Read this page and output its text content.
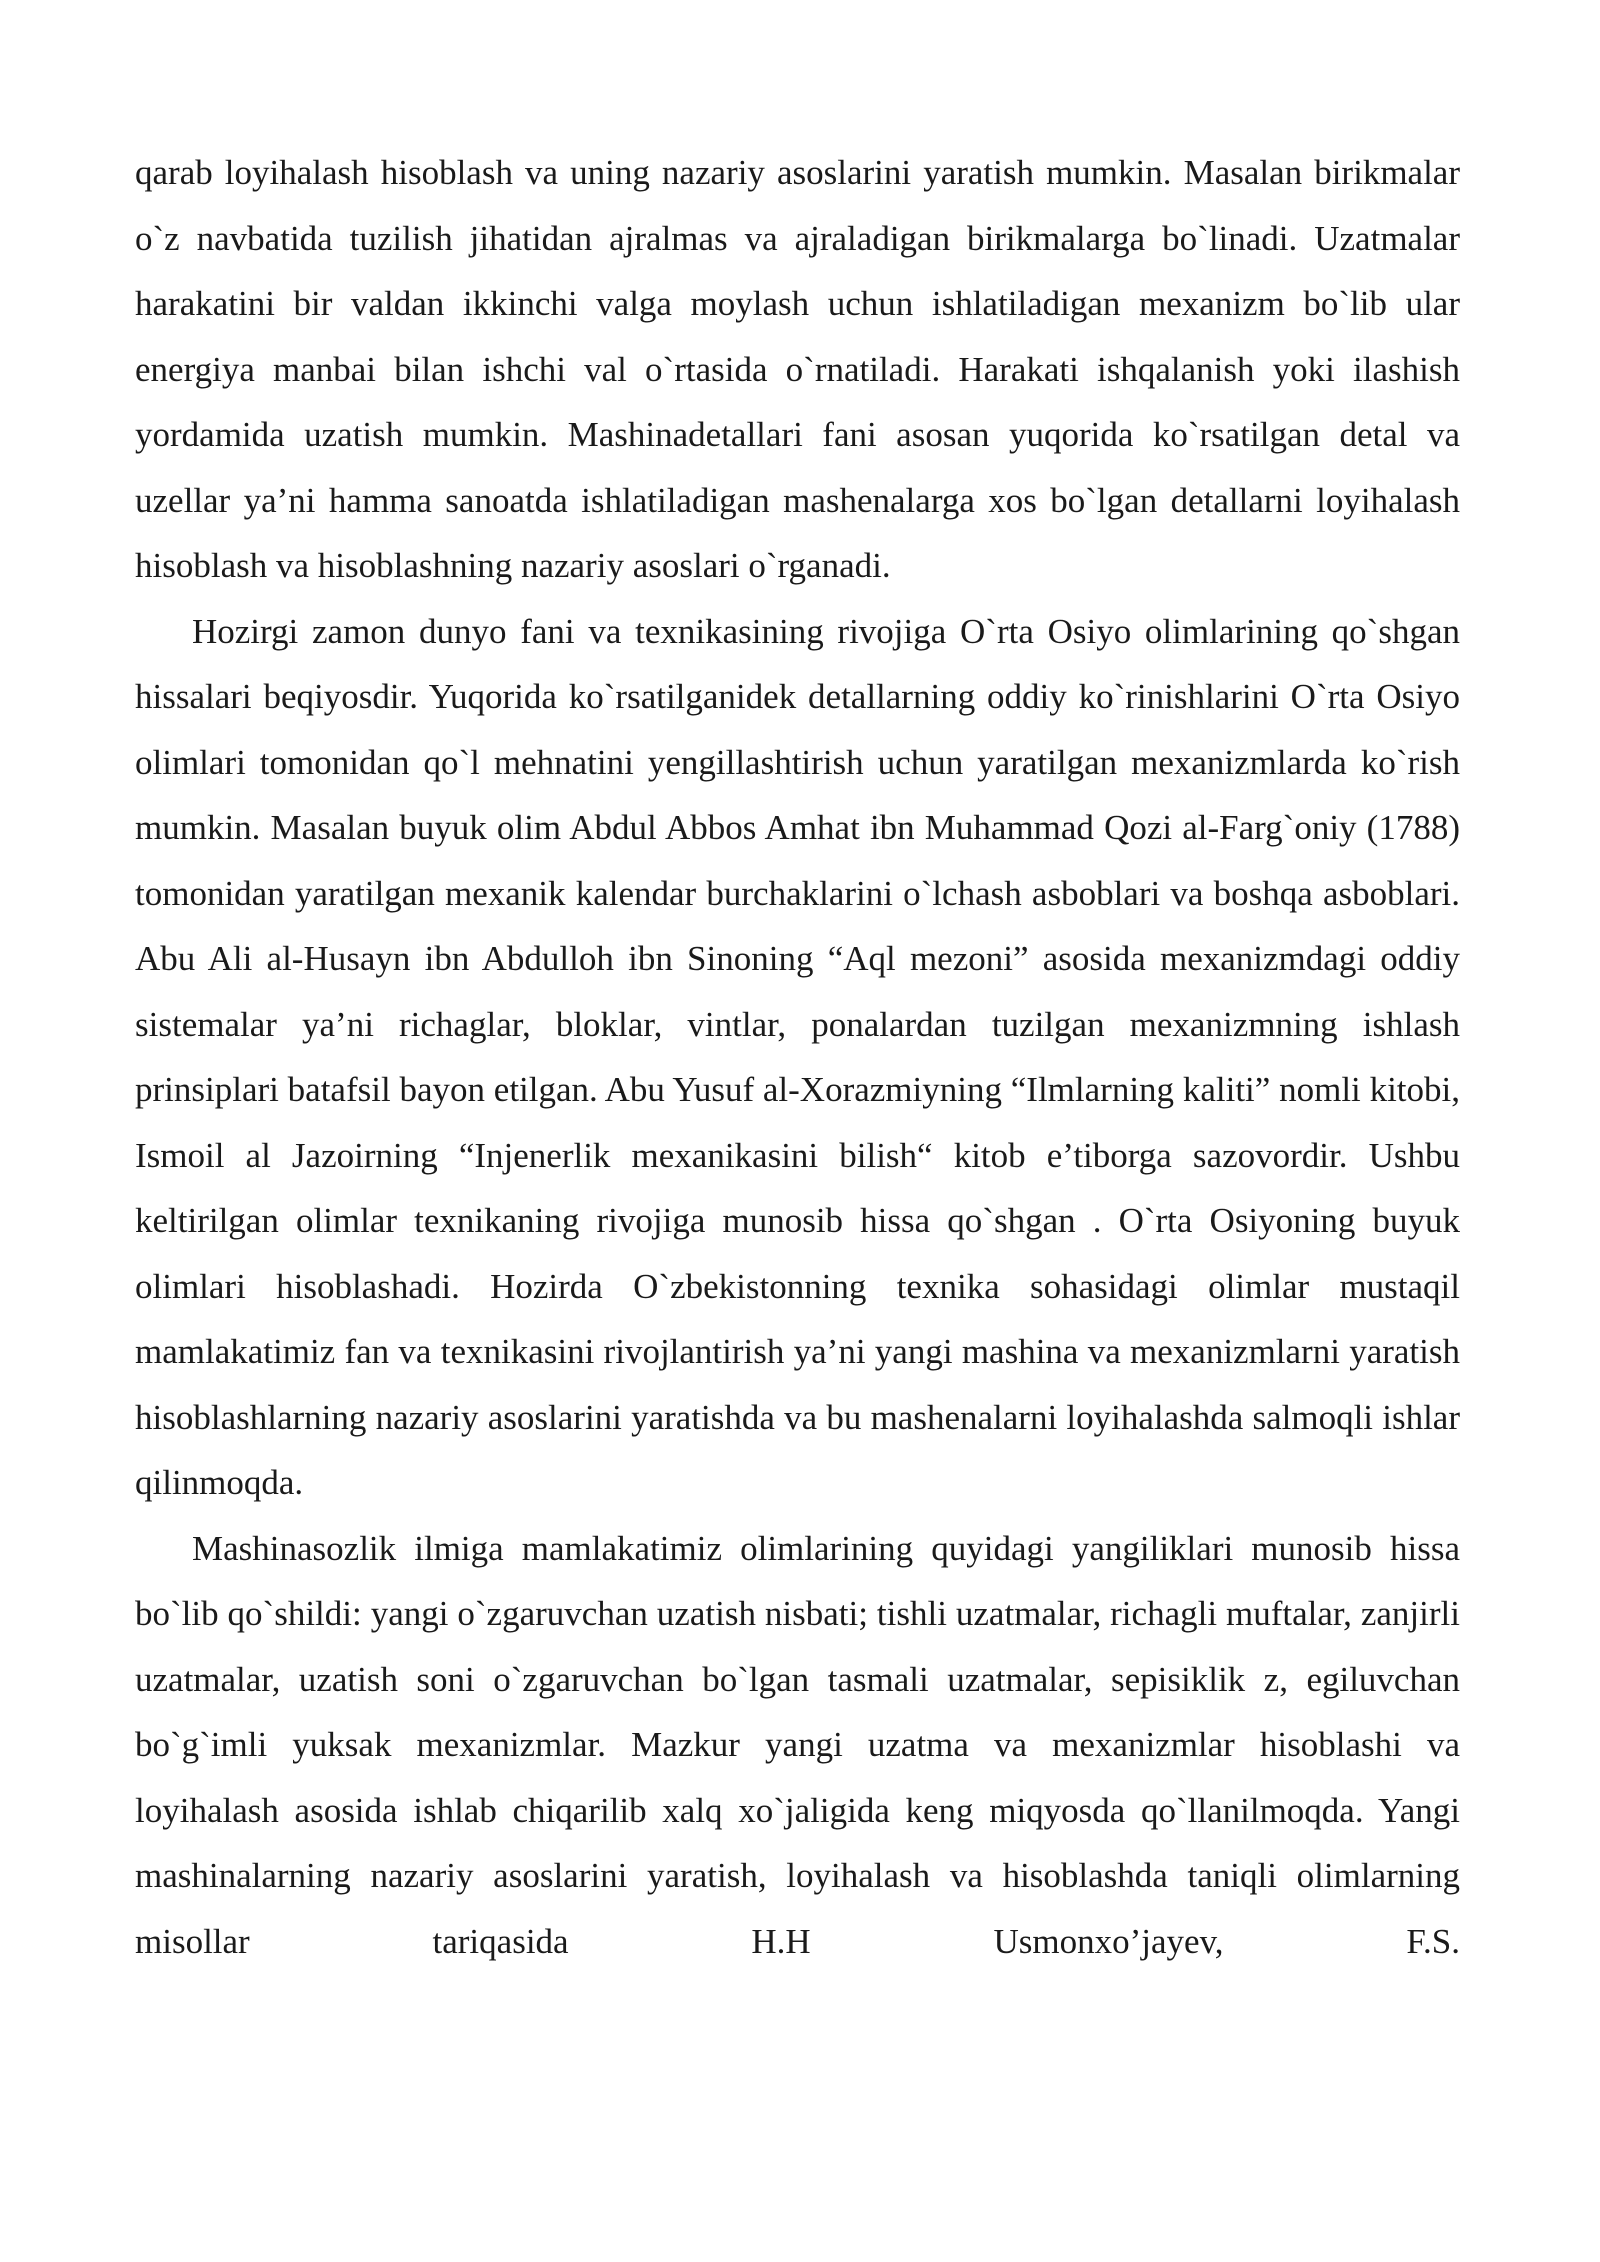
qarab loyihalash hisoblash va uning nazariy asoslarini yaratish mumkin. Masalan birikmalar o`z navbatida tuzilish jihatidan ajralmas va ajraladigan birikmalarga bo`linadi. Uzatmalar harakatini bir valdan ikkinchi valga moylash uchun ishlatiladigan mexanizm bo`lib ular energiya manbai bilan ishchi val o`rtasida o`rnatiladi. Harakati ishqalanish yoki ilashish yordamida uzatish mumkin. Mashinadetallari fani asosan yuqorida ko`rsatilgan detal va uzellar ya’ni hamma sanoatda ishlatiladigan mashenalarga xos bo`lgan detallarni loyihalash hisoblash va hisoblashning nazariy asoslari o`rganadi.

Hozirgi zamon dunyo fani va texnikasining rivojiga O`rta Osiyo olimlarining qo`shgan hissalari beqiyosdir. Yuqorida ko`rsatilganidek detallarning oddiy ko`rinishlarini O`rta Osiyo olimlari tomonidan qo`l mehnatini yengillashtirish uchun yaratilgan mexanizmlarda ko`rish mumkin. Masalan buyuk olim Abdul Abbos Amhat ibn Muhammad Qozi al-Farg`oniy (1788) tomonidan yaratilgan mexanik kalendar burchaklarini o`lchash asboblari va boshqa asboblari. Abu Ali al-Husayn ibn Abdulloh ibn Sinoning “Aql mezoni” asosida mexanizmdagi oddiy sistemalar ya’ni richaglar, bloklar, vintlar, ponalardan tuzilgan mexanizmning ishlash prinsiplari batafsil bayon etilgan. Abu Yusuf al-Xorazmiyning “Ilmlarning kaliti” nomli kitobi, Ismoil al Jazoirning “Injenerlik mexanikasini bilish“ kitob e’tiborga sazovordir. Ushbu keltirilgan olimlar texnikaning rivojiga munosib hissa qo`shgan . O`rta Osiyoning buyuk olimlari hisoblashadi. Hozirda O`zbekistonning texnika sohasidagi olimlar mustaqil mamlakatimiz fan va texnikasini rivojlantirish ya’ni yangi mashina va mexanizmlarni yaratish hisoblashlarning nazariy asoslarini yaratishda va bu mashenalarni loyihalashda salmoqli ishlar qilinmoqda.

Mashinasozlik ilmiga mamlakatimiz olimlarining quyidagi yangiliklari munosib hissa bo`lib qo`shildi: yangi o`zgaruvchan uzatish nisbati; tishli uzatmalar, richagli muftalar, zanjirli uzatmalar, uzatish soni o`zgaruvchan bo`lgan tasmali uzatmalar, sepisiklik z, egiluvchan bo`g`imli yuksak mexanizmlar. Mazkur yangi uzatma va mexanizmlar hisoblashi va loyihalash asosida ishlab chiqarilib xalq xo`jaligida keng miqyosda qo`llanilmoqda. Yangi mashinalarning nazariy asoslarini yaratish, loyihalash va hisoblashda taniqli olimlarning misollar tariqasida H.H Usmonxo’jayev, F.S.
